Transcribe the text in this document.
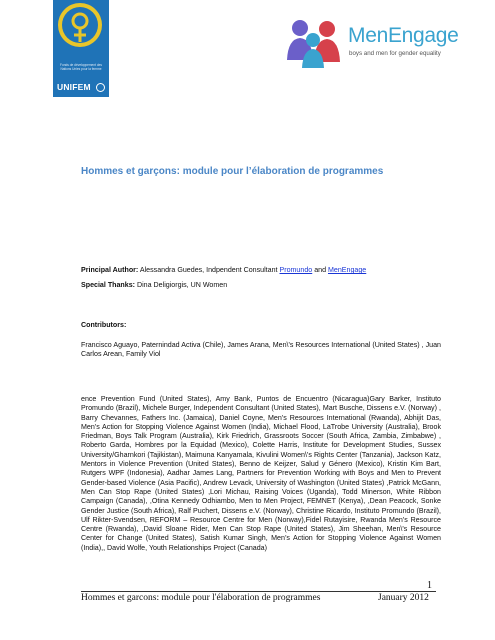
Fonds de développement des Nations Unies pour la femme
UNIFEM
MenEngage
boys and men for gender equality
Hommes et garçons: module pour l’élaboration de programmes
Principal Author: Alessandra Guedes, Indpendent Consultant Promundo and MenEngage
Special Thanks: Dina Deligiorgis, UN Women
Contributors:
Francisco Aguayo, Paternindad Activa (Chile), James Arana, Men\'s Resources International (United States) , Juan Carlos Arean, Family Viol
ence Prevention Fund (United States), Amy Bank, Puntos de Encuentro (Nicaragua)Gary Barker, Instituto Promundo (Brazil), Michele Burger, Independent Consultant (United States), Mart Busche, Dissens e.V. (Norway) , Barry Chevannes, Fathers Inc. (Jamaica), Daniel Coyne, Men’s Resources International (Rwanda), Abhijit Das, Men’s Action for Stopping Violence Against Women (India), Michael Flood, LaTrobe University (Australia), Brook Friedman, Boys Talk Program (Australia), Kirk Friedrich, Grassroots Soccer (South Africa, Zambia, Zimbabwe) , Roberto Garda, Hombres por la Equidad (Mexico), Colette Harris, Institute for Development Studies, Sussex University/Gharnkori (Tajikistan), Maimuna Kanyamala, Kivulini Women\'s Rights Center (Tanzania), Jackson Katz, Mentors in Violence Prevention (United States), Benno de Keijzer, Salud y Género (Mexico), Kristin Kim Bart, Rutgers WPF (Indonesia), Aadhar James Lang, Partners for Prevention Working with Boys and Men to Prevent Gender-based Violence (Asia Pacific), Andrew Levack, University of Washington (United States) ,Patrick McGann, Men Can Stop Rape (United States) ,Lori Michau, Raising Voices (Uganda), Todd Minerson, White Ribbon Campaign (Canada), ,Otina Kennedy Odhiambo, Men to Men Project, FEMNET (Kenya), ,Dean Peacock, Sonke Gender Justice (South Africa), Ralf Puchert, Dissens e.V. (Norway), Christine Ricardo, Instituto Promundo (Brazil), Ulf Rikter-Svendsen, REFORM – Resource Centre for Men (Norway),Fidel Rutayisire, Rwanda Men’s Resource Centre (Rwanda), ,David Sloane Rider, Men Can Stop Rape (United States), Jim Sheehan, Men\'s Resource Center for Change (United States), Satish Kumar Singh, Men’s Action for Stopping Violence Against Women (India),, David Wolfe, Youth Relationships Project (Canada)
1
Hommes et garcons: module pour l'élaboration de programmes	January 2012
